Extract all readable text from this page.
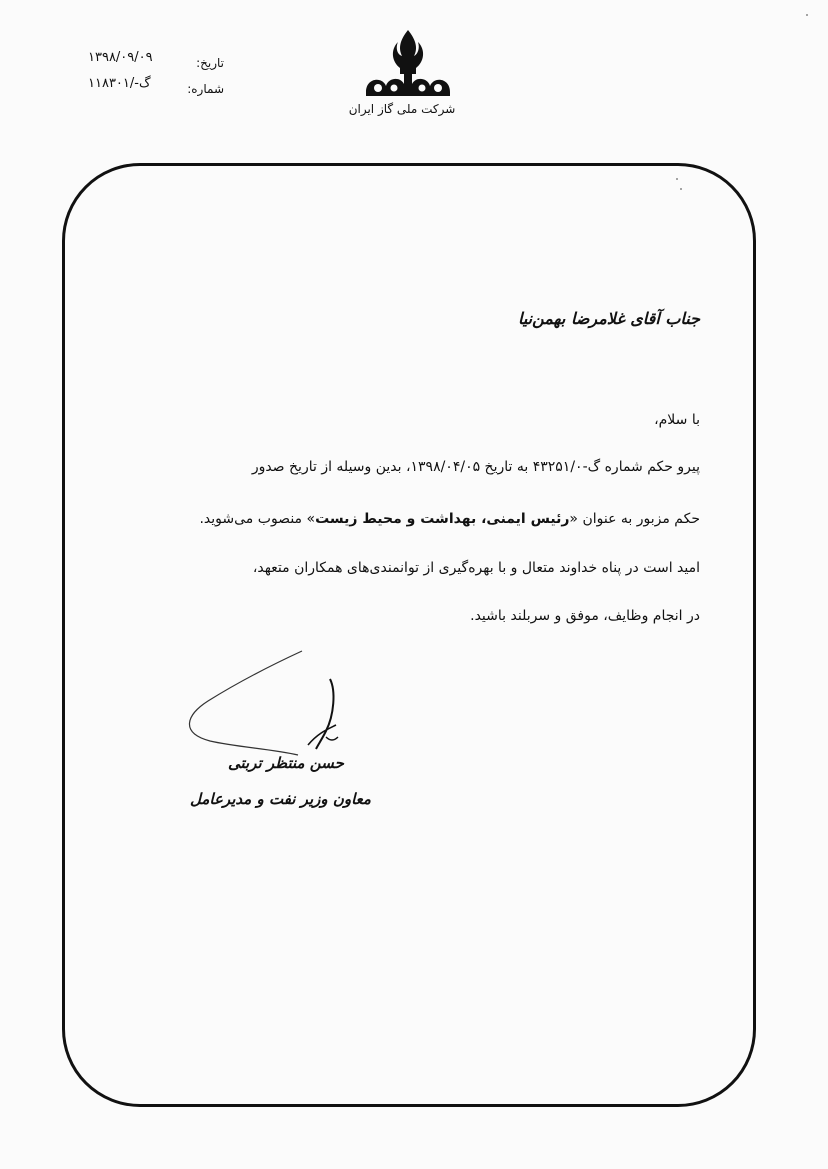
۱۳۹۸/۰۹/۰۹	تاریخ:
گ-/۱۱۸۳۰۱	شماره:
شرکت ملی گاز ایران
جناب آقای غلامرضا بهمن‌نیا
با سلام،
پیرو حکم شماره گ-۴۳۲۵۱/۰ به تاریخ ۱۳۹۸/۰۴/۰۵، بدین وسیله از تاریخ صدور
حکم مزبور به عنوان «رئیس ایمنی، بهداشت و محیط زیست» منصوب می‌شوید.
امید است در پناه خداوند متعال و با بهره‌گیری از توانمندی‌های همکاران متعهد،
در انجام وظایف، موفق و سربلند باشید.
حسن منتظر تربتی
معاون وزیر نفت و مدیرعامل
